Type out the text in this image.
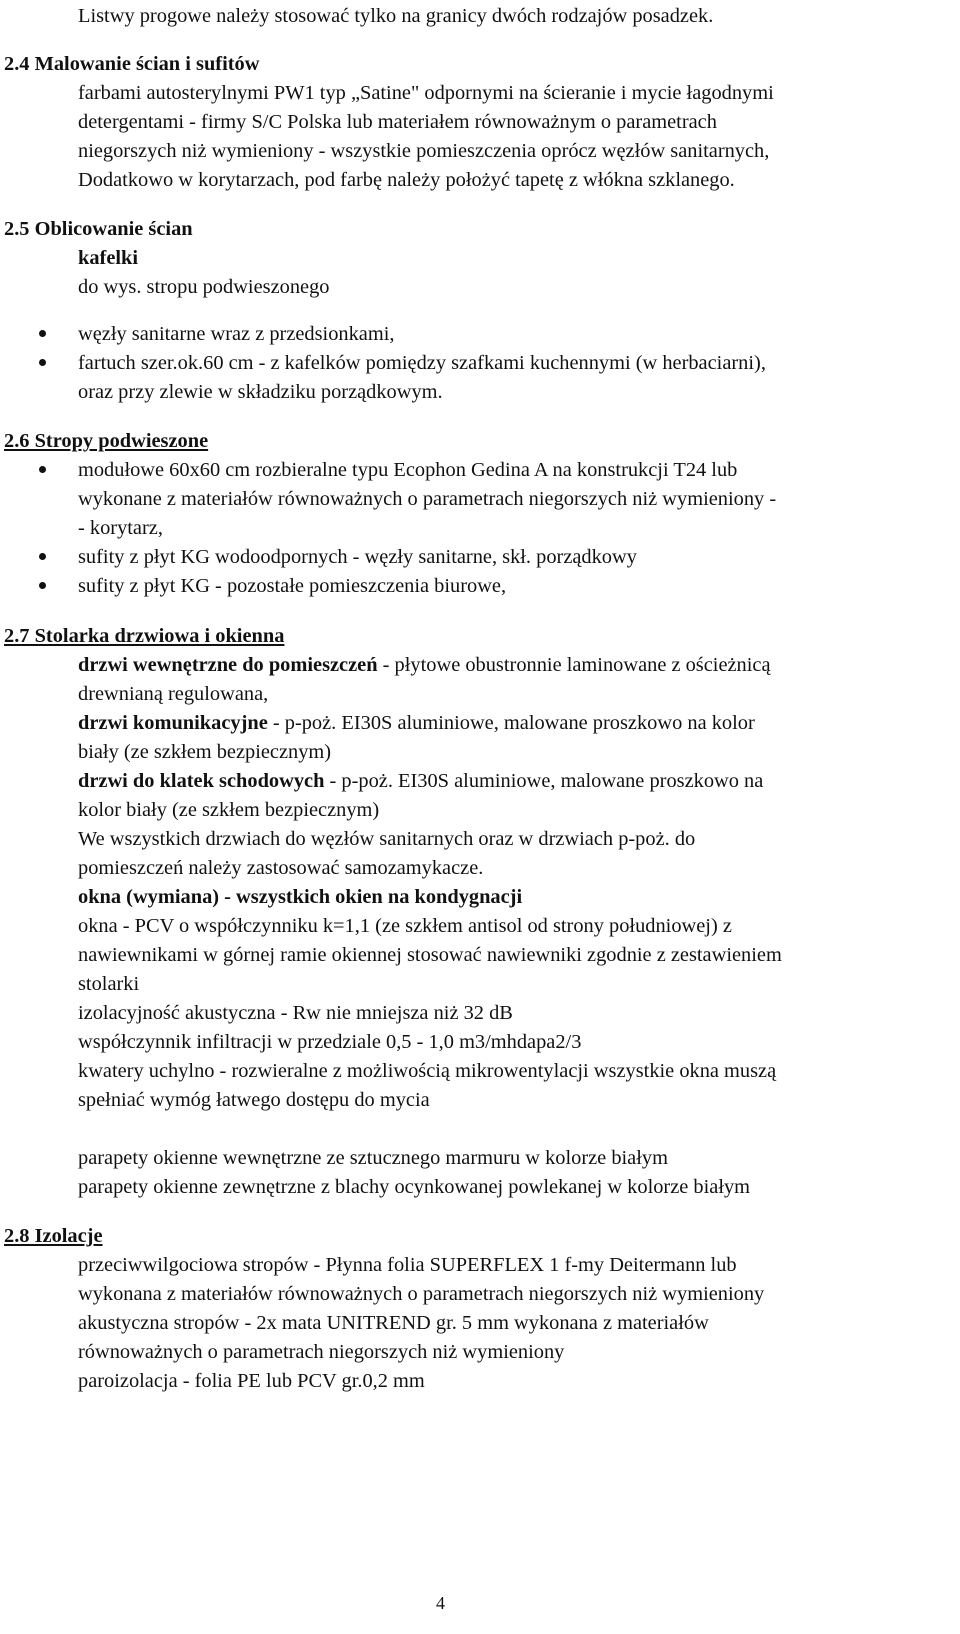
Listwy progowe należy stosować tylko na granicy dwóch rodzajów posadzek.
2.4 Malowanie ścian i sufitów
farbami autosterylnymi PW1 typ „Satine" odpornymi na ścieranie i mycie łagodnymi
detergentami - firmy S/C Polska lub materiałem równoważnym o parametrach
niegorszych niż wymieniony - wszystkie pomieszczenia oprócz węzłów sanitarnych,
Dodatkowo w korytarzach, pod farbę należy położyć tapetę z włókna szklanego.
2.5 Oblicowanie ścian
kafelki
do wys. stropu podwieszonego
węzły sanitarne wraz z przedsionkami,
fartuch szer.ok.60 cm - z kafelków pomiędzy szafkami kuchennymi (w herbaciarni),
oraz przy zlewie w składziku porządkowym.
2.6 Stropy podwieszone
modułowe 60x60 cm rozbieralne typu Ecophon Gedina A na konstrukcji T24 lub
wykonane z materiałów równoważnych o parametrach niegorszych niż wymieniony -
- korytarz,
sufity z płyt KG wodoodpornych - węzły sanitarne, skł. porządkowy
sufity z płyt KG - pozostałe pomieszczenia biurowe,
2.7 Stolarka drzwiowa i okienna
drzwi wewnętrzne do pomieszczeń - płytowe obustronnie laminowane z ościeżnicą
drewnianą regulowana,
drzwi komunikacyjne - p-poż. EI30S aluminiowe, malowane proszkowo na kolor
biały (ze szkłem bezpiecznym)
drzwi do klatek schodowych - p-poż. EI30S aluminiowe, malowane proszkowo na
kolor biały (ze szkłem bezpiecznym)
We wszystkich drzwiach do węzłów sanitarnych oraz w drzwiach p-poż. do
pomieszczeń należy zastosować samozamykacze.
okna (wymiana) - wszystkich okien na kondygnacji
okna - PCV o współczynniku k=1,1 (ze szkłem antisol od strony południowej) z
nawiewnikami w górnej ramie okiennej stosować nawiewniki zgodnie z zestawieniem
stolarki
izolacyjność akustyczna - Rw nie mniejsza niż 32 dB
współczynnik infiltracji w przedziale 0,5 - 1,0 m3/mhdapa2/3
kwatery uchylno - rozwieralne z możliwością mikrowentylacji wszystkie okna muszą
spełniać wymóg łatwego dostępu do mycia
parapety okienne wewnętrzne ze sztucznego marmuru w kolorze białym
parapety okienne zewnętrzne z blachy ocynkowanej powlekanej w kolorze białym
2.8 Izolacje
przeciwwilgociowa stropów - Płynna folia SUPERFLEX 1 f-my Deitermann lub
wykonana z materiałów równoważnych o parametrach niegorszych niż wymieniony
akustyczna stropów - 2x mata UNITREND gr. 5 mm wykonana z materiałów
równoważnych o parametrach niegorszych niż wymieniony
paroizolacja - folia PE lub PCV gr.0,2 mm
4
